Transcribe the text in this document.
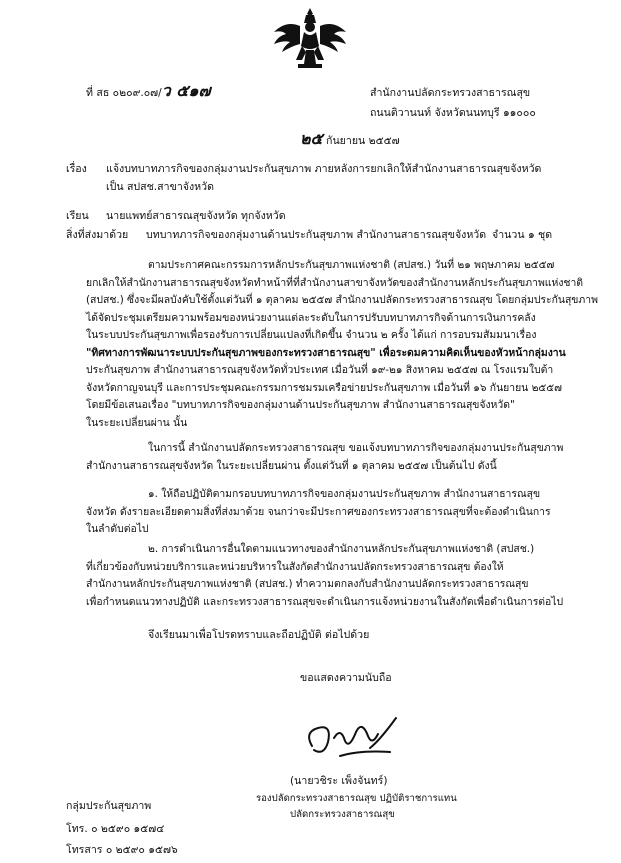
ที่ สธ ๐๒๐๙.๐๗/ว ๕๑๗	สำนักงานปลัดกระทรวงสาธารณสุข
ถนนติวานนท์ จังหวัดนนทบุรี ๑๑๐๐๐
๒๕ กันยายน ๒๕๕๗
เรื่อง แจ้งบทบาทภารกิจของกลุ่มงานประกันสุขภาพ ภายหลังการยกเลิกให้สำนักงานสาธารณสุขจังหวัด
เป็น สปสช.สาขาจังหวัด
เรียน นายแพทย์สาธารณสุขจังหวัด ทุกจังหวัด
สิ่งที่ส่งมาด้วย บทบาทภารกิจของกลุ่มงานด้านประกันสุขภาพ สำนักงานสาธารณสุขจังหวัด จำนวน ๑ ชุด
ตามประกาศคณะกรรมการหลักประกันสุขภาพแห่งชาติ (สปสช.) วันที่ ๒๑ พฤษภาคม ๒๕๕๗
ยกเลิกให้สำนักงานสาธารณสุขจังหวัดทำหน้าที่ที่สำนักงานสาขาจังหวัดของสำนักงานหลักประกันสุขภาพแห่งชาติ
(สปสช.) ซึ่งจะมีผลบังคับใช้ตั้งแต่วันที่ ๑ ตุลาคม ๒๕๕๗ สำนักงานปลัดกระทรวงสาธารณสุข โดยกลุ่มประกันสุขภาพ
ได้จัดประชุมเตรียมความพร้อมของหน่วยงานแต่ละระดับในการปรับบทบาทภารกิจด้านการเงินการคลัง
ในระบบประกันสุขภาพเพื่อรองรับการเปลี่ยนแปลงที่เกิดขึ้น จำนวน ๒ ครั้ง ได้แก่ การอบรมสัมมนาเรื่อง
"ทิศทางการพัฒนาระบบประกันสุขภาพของกระทรวงสาธารณสุข" เพื่อระดมความคิดเห็นของหัวหน้ากลุ่มงาน
ประกันสุขภาพ สำนักงานสาธารณสุขจังหวัดทั่วประเทศ เมื่อวันที่ ๑๙-๒๑ สิงหาคม ๒๕๕๗ ณ โรงแรมใบต้า
จังหวัดกาญจนบุรี และการประชุมคณะกรรมการชมรมเครือข่ายประกันสุขภาพ เมื่อวันที่ ๑๖ กันยายน ๒๕๕๗
โดยมีข้อเสนอเรื่อง "บทบาทภารกิจของกลุ่มงานด้านประกันสุขภาพ สำนักงานสาธารณสุขจังหวัด"
ในระยะเปลี่ยนผ่าน นั้น
ในการนี้ สำนักงานปลัดกระทรวงสาธารณสุข ขอแจ้งบทบาทภารกิจของกลุ่มงานประกันสุขภาพ
สำนักงานสาธารณสุขจังหวัด ในระยะเปลี่ยนผ่าน ตั้งแต่วันที่ ๑ ตุลาคม ๒๕๕๗ เป็นต้นไป ดังนี้
๑. ให้ถือปฏิบัติตามกรอบบทบาทภารกิจของกลุ่มงานประกันสุขภาพ สำนักงานสาธารณสุข
จังหวัด ดังรายละเอียดตามสิ่งที่ส่งมาด้วย จนกว่าจะมีประกาศของกระทรวงสาธารณสุขที่จะต้องดำเนินการ
ในลำดับต่อไป
๒. การดำเนินการอื่นใดตามแนวทางของสำนักงานหลักประกันสุขภาพแห่งชาติ (สปสช.)
ที่เกี่ยวข้องกับหน่วยบริการและหน่วยบริหารในสังกัดสำนักงานปลัดกระทรวงสาธารณสุข ต้องให้
สำนักงานหลักประกันสุขภาพแห่งชาติ (สปสช.) ทำความตกลงกับสำนักงานปลัดกระทรวงสาธารณสุข
เพื่อกำหนดแนวทางปฏิบัติ และกระทรวงสาธารณสุขจะดำเนินการแจ้งหน่วยงานในสังกัดเพื่อดำเนินการต่อไป
จึงเรียนมาเพื่อโปรดทราบและถือปฏิบัติ ต่อไปด้วย
ขอแสดงความนับถือ
(นายวชิระ เพ็งจันทร์)
รองปลัดกระทรวงสาธารณสุข ปฏิบัติราชการแทน
ปลัดกระทรวงสาธารณสุข
กลุ่มประกันสุขภาพ
โทร. ๐ ๒๕๙๐ ๑๕๗๔
โทรสาร ๐ ๒๕๙๐ ๑๕๗๖
